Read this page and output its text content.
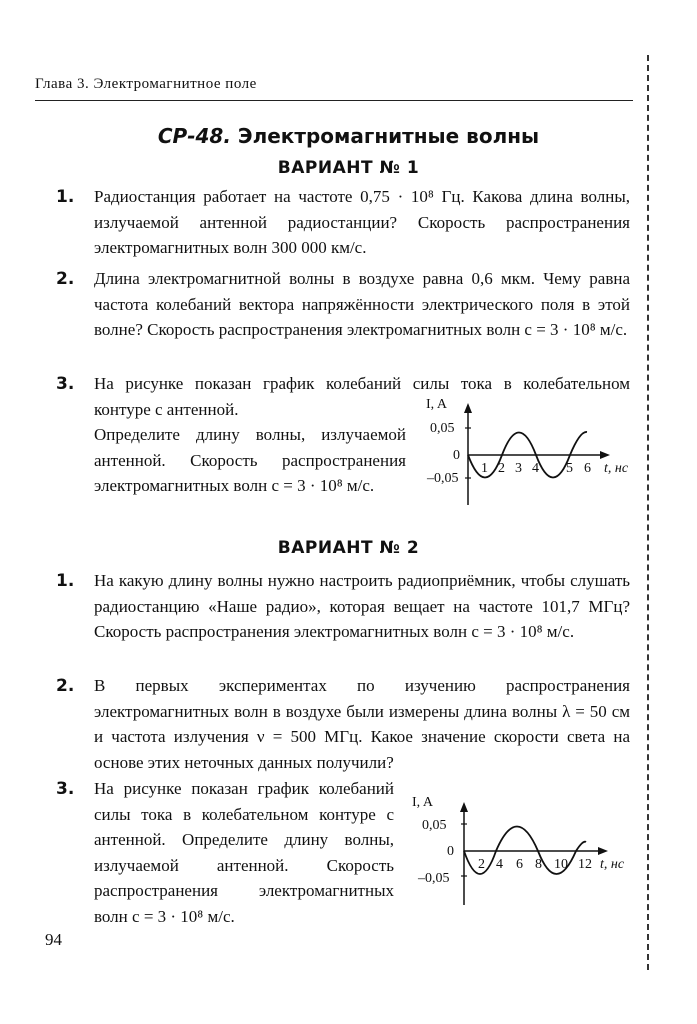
Глава 3. Электромагнитное поле
СР-48. Электромагнитные волны
ВАРИАНТ № 1
1. Радиостанция работает на частоте 0,75 · 10⁸ Гц. Какова длина волны, излучаемой антенной радиостанции? Скорость распространения электромагнитных волн 300 000 км/с.
2. Длина электромагнитной волны в воздухе равна 0,6 мкм. Чему равна частота колебаний вектора напряжённости электрического поля в этой волне? Скорость распространения электромагнитных волн c = 3 · 10⁸ м/с.
3. На рисунке показан график колебаний силы тока в колебательном контуре с антенной.
Определите длину волны, излучаемой антенной. Скорость распространения электромагнитных волн c = 3 · 10⁸ м/с.
I, A
0,05
0
–0,05
1 2 3 4 5 6 t, нс
ВАРИАНТ № 2
1. На какую длину волны нужно настроить радиоприёмник, чтобы слушать радиостанцию «Наше радио», которая вещает на частоте 101,7 МГц? Скорость распространения электромагнитных волн c = 3 · 10⁸ м/с.
2. В первых экспериментах по изучению распространения электромагнитных волн в воздухе были измерены длина волны λ = 50 см и частота излучения ν = 500 МГц. Какое значение скорости света на основе этих неточных данных получили?
3. На рисунке показан график колебаний силы тока в колебательном контуре с антенной. Определите длину волны, излучаемой антенной. Скорость распространения электромагнитных волн c = 3 · 10⁸ м/с.
I, A
0,05
0
–0,05
2 4 6 8 10 12 t, нс
94
